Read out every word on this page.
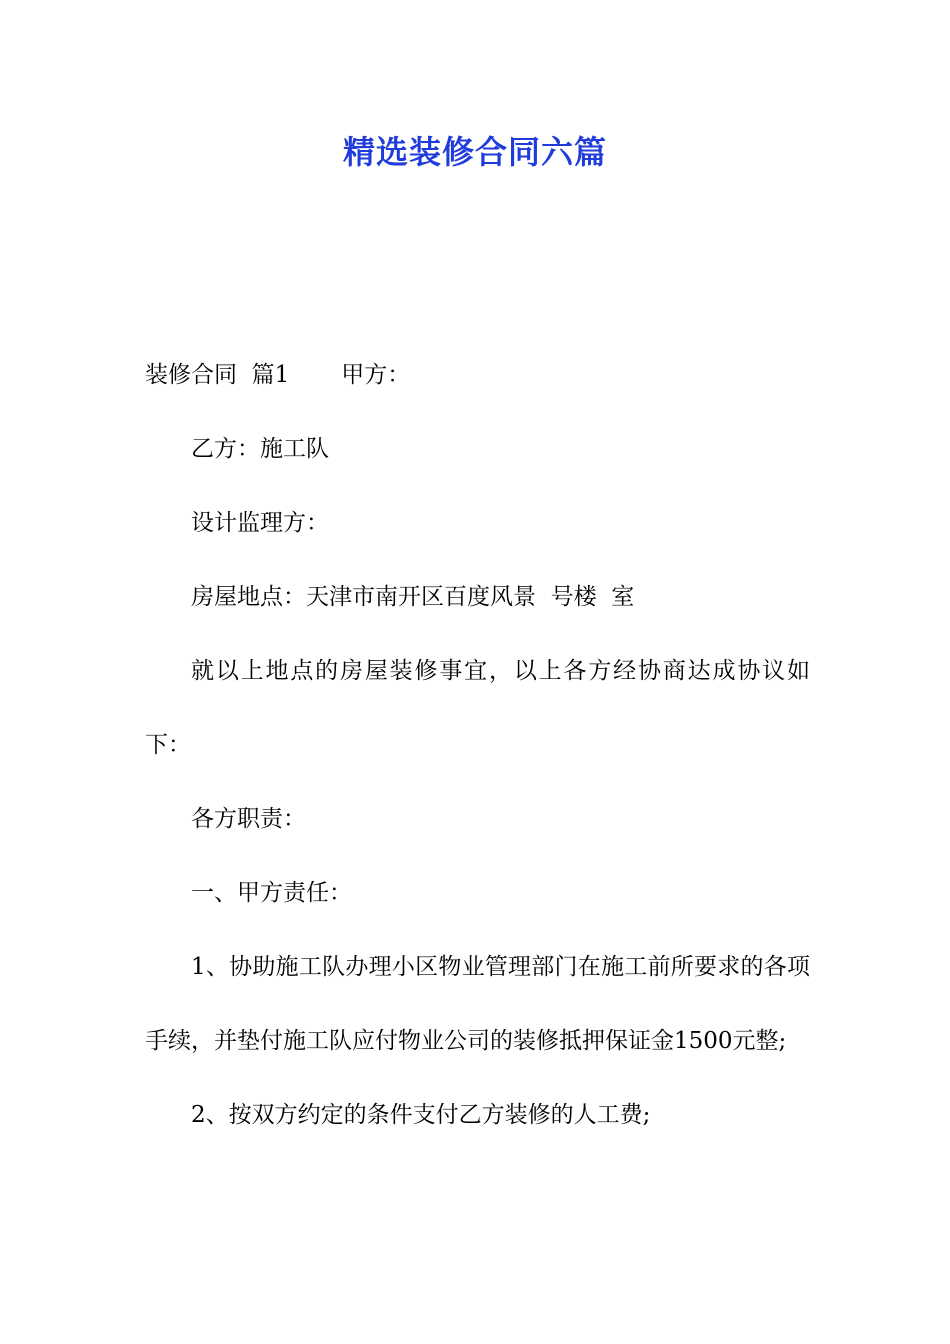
精选装修合同六篇

装修合同  篇1 甲方：

乙方：施工队

设计监理方：

房屋地点：天津市南开区百度风景  号楼  室

就以上地点的房屋装修事宜，以上各方经协商达成协议如下：

各方职责：

一、甲方责任：

1、协助施工队办理小区物业管理部门在施工前所要求的各项手续，并垫付施工队应付物业公司的装修抵押保证金1500元整;

2、按双方约定的条件支付乙方装修的人工费;
